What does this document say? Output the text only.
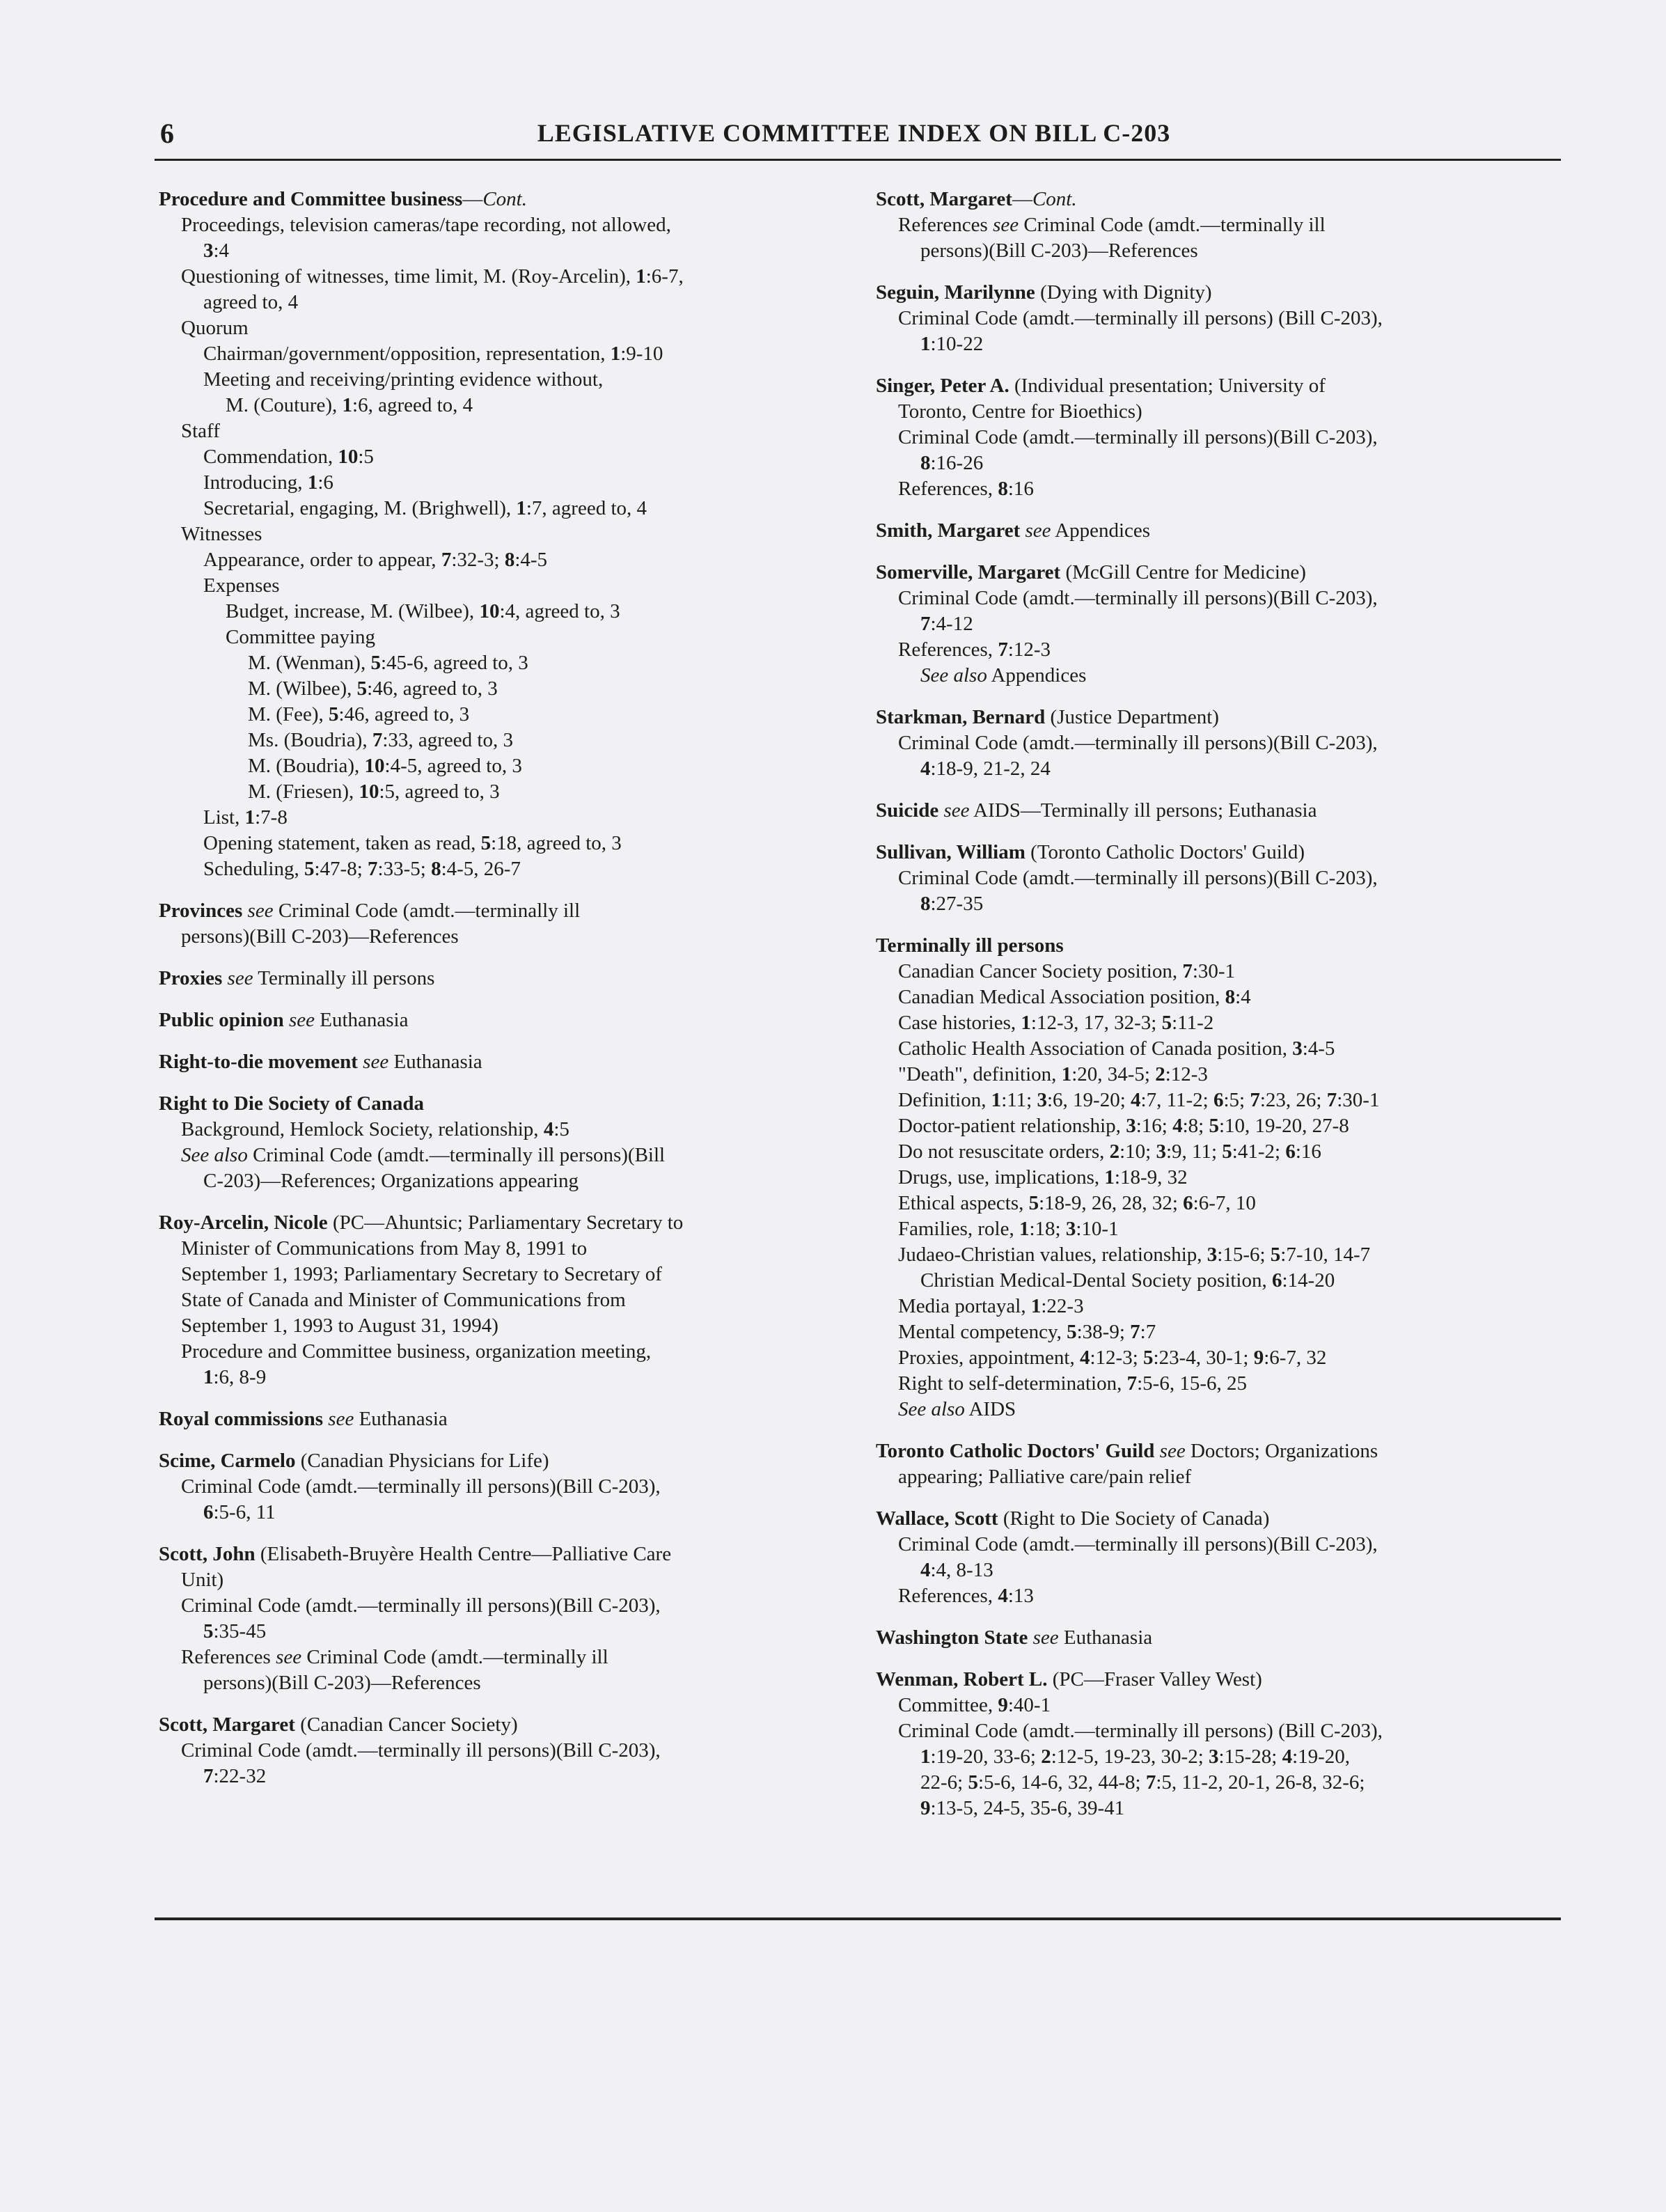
6	LEGISLATIVE COMMITTEE INDEX ON BILL C-203
Procedure and Committee business—Cont.
Proceedings, television cameras/tape recording, not allowed,
3:4
Questioning of witnesses, time limit, M. (Roy-Arcelin), 1:6-7,
agreed to, 4
Quorum
Chairman/government/opposition, representation, 1:9-10
Meeting and receiving/printing evidence without,
M. (Couture), 1:6, agreed to, 4
Staff
Commendation, 10:5
Introducing, 1:6
Secretarial, engaging, M. (Brighwell), 1:7, agreed to, 4
Witnesses
Appearance, order to appear, 7:32-3; 8:4-5
Expenses
Budget, increase, M. (Wilbee), 10:4, agreed to, 3
Committee paying
M. (Wenman), 5:45-6, agreed to, 3
M. (Wilbee), 5:46, agreed to, 3
M. (Fee), 5:46, agreed to, 3
Ms. (Boudria), 7:33, agreed to, 3
M. (Boudria), 10:4-5, agreed to, 3
M. (Friesen), 10:5, agreed to, 3
List, 1:7-8
Opening statement, taken as read, 5:18, agreed to, 3
Scheduling, 5:47-8; 7:33-5; 8:4-5, 26-7
Provinces see Criminal Code (amdt.—terminally ill
persons)(Bill C-203)—References
Proxies see Terminally ill persons
Public opinion see Euthanasia
Right-to-die movement see Euthanasia
Right to Die Society of Canada
Background, Hemlock Society, relationship, 4:5
See also Criminal Code (amdt.—terminally ill persons)(Bill
C-203)—References; Organizations appearing
Roy-Arcelin, Nicole (PC—Ahuntsic; Parliamentary Secretary to
Minister of Communications from May 8, 1991 to
September 1, 1993; Parliamentary Secretary to Secretary of
State of Canada and Minister of Communications from
September 1, 1993 to August 31, 1994)
Procedure and Committee business, organization meeting,
1:6, 8-9
Royal commissions see Euthanasia
Scime, Carmelo (Canadian Physicians for Life)
Criminal Code (amdt.—terminally ill persons)(Bill C-203),
6:5-6, 11
Scott, John (Elisabeth-Bruyère Health Centre—Palliative Care
Unit)
Criminal Code (amdt.—terminally ill persons)(Bill C-203),
5:35-45
References see Criminal Code (amdt.—terminally ill
persons)(Bill C-203)—References
Scott, Margaret (Canadian Cancer Society)
Criminal Code (amdt.—terminally ill persons)(Bill C-203),
7:22-32
Scott, Margaret—Cont.
References see Criminal Code (amdt.—terminally ill
persons)(Bill C-203)—References
Seguin, Marilynne (Dying with Dignity)
Criminal Code (amdt.—terminally ill persons) (Bill C-203),
1:10-22
Singer, Peter A. (Individual presentation; University of
Toronto, Centre for Bioethics)
Criminal Code (amdt.—terminally ill persons)(Bill C-203),
8:16-26
References, 8:16
Smith, Margaret see Appendices
Somerville, Margaret (McGill Centre for Medicine)
Criminal Code (amdt.—terminally ill persons)(Bill C-203),
7:4-12
References, 7:12-3
See also Appendices
Starkman, Bernard (Justice Department)
Criminal Code (amdt.—terminally ill persons)(Bill C-203),
4:18-9, 21-2, 24
Suicide see AIDS—Terminally ill persons; Euthanasia
Sullivan, William (Toronto Catholic Doctors' Guild)
Criminal Code (amdt.—terminally ill persons)(Bill C-203),
8:27-35
Terminally ill persons
Canadian Cancer Society position, 7:30-1
Canadian Medical Association position, 8:4
Case histories, 1:12-3, 17, 32-3; 5:11-2
Catholic Health Association of Canada position, 3:4-5
"Death", definition, 1:20, 34-5; 2:12-3
Definition, 1:11; 3:6, 19-20; 4:7, 11-2; 6:5; 7:23, 26; 7:30-1
Doctor-patient relationship, 3:16; 4:8; 5:10, 19-20, 27-8
Do not resuscitate orders, 2:10; 3:9, 11; 5:41-2; 6:16
Drugs, use, implications, 1:18-9, 32
Ethical aspects, 5:18-9, 26, 28, 32; 6:6-7, 10
Families, role, 1:18; 3:10-1
Judaeo-Christian values, relationship, 3:15-6; 5:7-10, 14-7
Christian Medical-Dental Society position, 6:14-20
Media portayal, 1:22-3
Mental competency, 5:38-9; 7:7
Proxies, appointment, 4:12-3; 5:23-4, 30-1; 9:6-7, 32
Right to self-determination, 7:5-6, 15-6, 25
See also AIDS
Toronto Catholic Doctors' Guild see Doctors; Organizations
appearing; Palliative care/pain relief
Wallace, Scott (Right to Die Society of Canada)
Criminal Code (amdt.—terminally ill persons)(Bill C-203),
4:4, 8-13
References, 4:13
Washington State see Euthanasia
Wenman, Robert L. (PC—Fraser Valley West)
Committee, 9:40-1
Criminal Code (amdt.—terminally ill persons) (Bill C-203),
1:19-20, 33-6; 2:12-5, 19-23, 30-2; 3:15-28; 4:19-20,
22-6; 5:5-6, 14-6, 32, 44-8; 7:5, 11-2, 20-1, 26-8, 32-6;
9:13-5, 24-5, 35-6, 39-41
